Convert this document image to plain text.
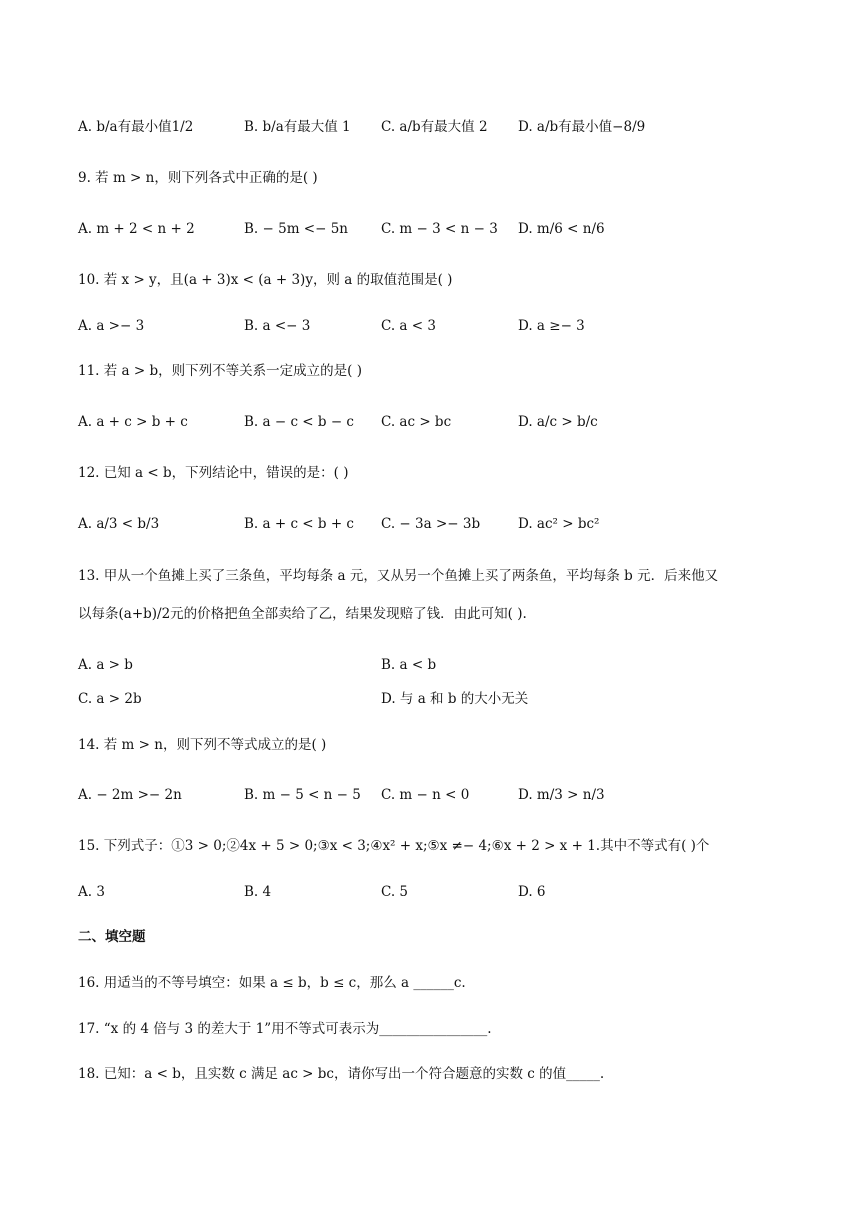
A. b/a有最小值1/2	B. b/a有最大值 1 C. a/b有最大值 2 D. a/b有最小值−8/9
9. 若 m > n，则下列各式中正确的是( )
A. m + 2 < n + 2	B. − 5m <− 5n C. m − 3 < n − 3 D. m/6 < n/6
10. 若 x > y，且(a + 3)x < (a + 3)y，则 a 的取值范围是( )
A. a >− 3	B. a <− 3	C. a < 3	D. a ≥− 3
11. 若 a > b，则下列不等关系一定成立的是( )
A. a + c > b + c	B. a − c < b − c C. ac > bc	D. a/c > b/c
12. 已知 a < b，下列结论中，错误的是：( )
A. a/3 < b/3	B. a + c < b + c C. − 3a >− 3b	D. ac² > bc²
13. 甲从一个鱼摊上买了三条鱼，平均每条 a 元，又从另一个鱼摊上买了两条鱼，平均每条 b 元．后来他又
以每条(a+b)/2元的价格把鱼全部卖给了乙，结果发现赔了钱．由此可知( ).
A. a > b	B. a < b
C. a > 2b	D. 与 a 和 b 的大小无关
14. 若 m > n，则下列不等式成立的是( )
A. − 2m >− 2n	B. m − 5 < n − 5 C. m − n < 0	D. m/3 > n/3
15. 下列式子：①3 > 0;②4x + 5 > 0;③x < 3;④x² + x;⑤x ≠− 4;⑥x + 2 > x + 1.其中不等式有( )个
A. 3	B. 4	C. 5	D. 6
二、填空题
16. 用适当的不等号填空：如果 a ≤ b，b ≤ c，那么 a ______c.
17. “x 的 4 倍与 3 的差大于 1”用不等式可表示为________________.
18. 已知：a < b，且实数 c 满足 ac > bc，请你写出一个符合题意的实数 c 的值_____.
